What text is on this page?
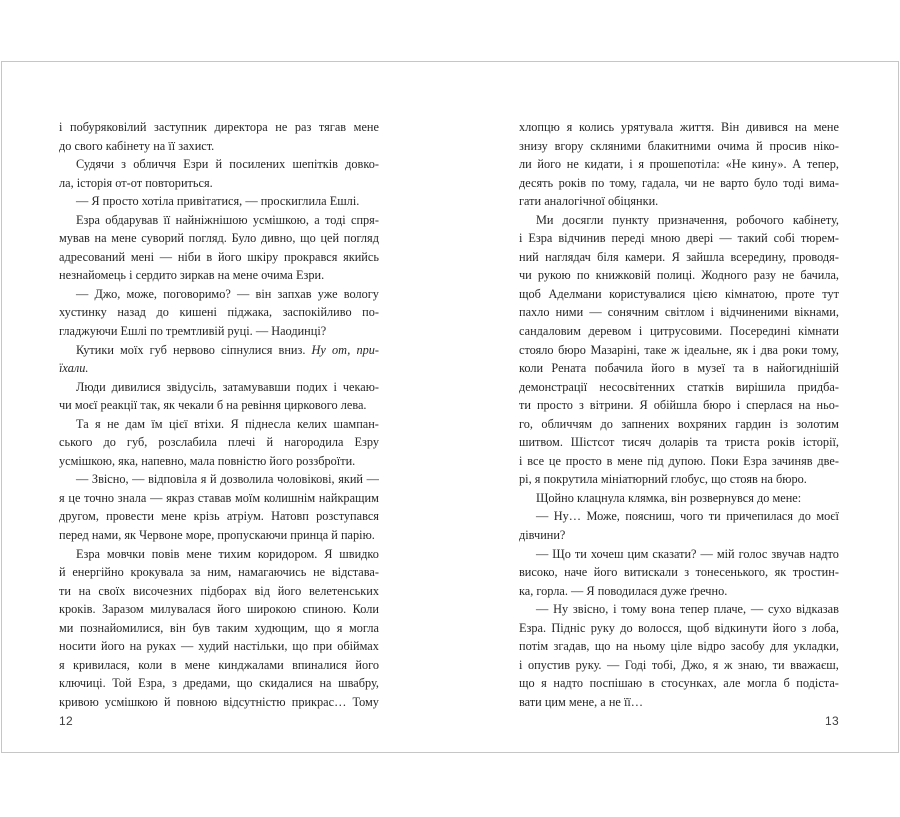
і побуряковілий заступник директора не раз тягав мене
до свого кабінету на її захист.
Судячи з обличчя Езри й посилених шепітків довко-
ла, історія от-от повториться.
— Я просто хотіла привітатися, — проскиглила Ешлі.
Езра обдарував її найніжнішою усмішкою, а тоді спря-
мував на мене суворий погляд. Було дивно, що цей погляд
адресований мені — ніби в його шкіру прокрався якийсь
незнайомець і сердито зиркав на мене очима Езри.
— Джо, може, поговоримо? — він запхав уже вологу
хустинку назад до кишені піджака, заспокійливо по-
гладжуючи Ешлі по тремтливій руці. — Наодинці?
Кутики моїх губ нервово сіпнулися вниз. Ну от, при-
їхали.
Люди дивилися звідусіль, затамувавши подих і чекаю-
чи моєї реакції так, як чекали б на ревіння циркового лева.
Та я не дам їм цієї втіхи. Я піднесла келих шампан-
ського до губ, розслабила плечі й нагородила Езру
усмішкою, яка, напевно, мала повністю його роззброїти.
— Звісно, — відповіла я й дозволила чоловікові, який —
я це точно знала — якраз ставав моїм колишнім найкращим
другом, провести мене крізь атріум. Натовп розступався
перед нами, як Червоне море, пропускаючи принца й парію.
Езра мовчки повів мене тихим коридором. Я швидко
й енергійно крокувала за ним, намагаючись не відстава-
ти на своїх височезних підборах від його велетенських
кроків. Заразом милувалася його широкою спиною. Коли
ми познайомилися, він був таким худющим, що я могла
носити його на руках — худий настільки, що при обіймах
я кривилася, коли в мене кинджалами впиналися його
ключиці. Той Езра, з дредами, що скидалися на швабру,
кривою усмішкою й повною відсутністю прикрас… Тому
12
хлопцю я колись урятувала життя. Він дивився на мене
знизу вгору скляними блакитними очима й просив ніко-
ли його не кидати, і я прошепотіла: «Не кину». А тепер,
десять років по тому, гадала, чи не варто було тоді вима-
гати аналогічної обіцянки.
Ми досягли пункту призначення, робочого кабінету,
і Езра відчинив переді мною двері — такий собі тюрем-
ний наглядач біля камери. Я зайшла всередину, проводя-
чи рукою по книжковій полиці. Жодного разу не бачила,
щоб Аделмани користувалися цією кімнатою, проте тут
пахло ними — сонячним світлом і відчиненими вікнами,
сандаловим деревом і цитрусовими. Посередині кімнати
стояло бюро Мазаріні, таке ж ідеальне, як і два роки тому,
коли Рената побачила його в музеї та в найогиднішій
демонстрації несосвітенних статків вирішила придба-
ти просто з вітрини. Я обійшла бюро і сперлася на ньо-
го, обличчям до запнених вохряних гардин із золотим
шитвом. Шістсот тисяч доларів та триста років історії,
і все це просто в мене під дупою. Поки Езра зачиняв две-
рі, я покрутила мініатюрний глобус, що стояв на бюро.
Щойно клацнула клямка, він розвернувся до мене:
— Ну… Може, поясниш, чого ти причепилася до моєї
дівчини?
— Що ти хочеш цим сказати? — мій голос звучав надто
високо, наче його витискали з тонесенького, як тростин-
ка, горла. — Я поводилася дуже ґречно.
— Ну звісно, і тому вона тепер плаче, — сухо відказав
Езра. Підніс руку до волосся, щоб відкинути його з лоба,
потім згадав, що на ньому ціле відро засобу для укладки,
і опустив руку. — Годі тобі, Джо, я ж знаю, ти вважаєш,
що я надто поспішаю в стосунках, але могла б подіста-
вати цим мене, а не її…
13
